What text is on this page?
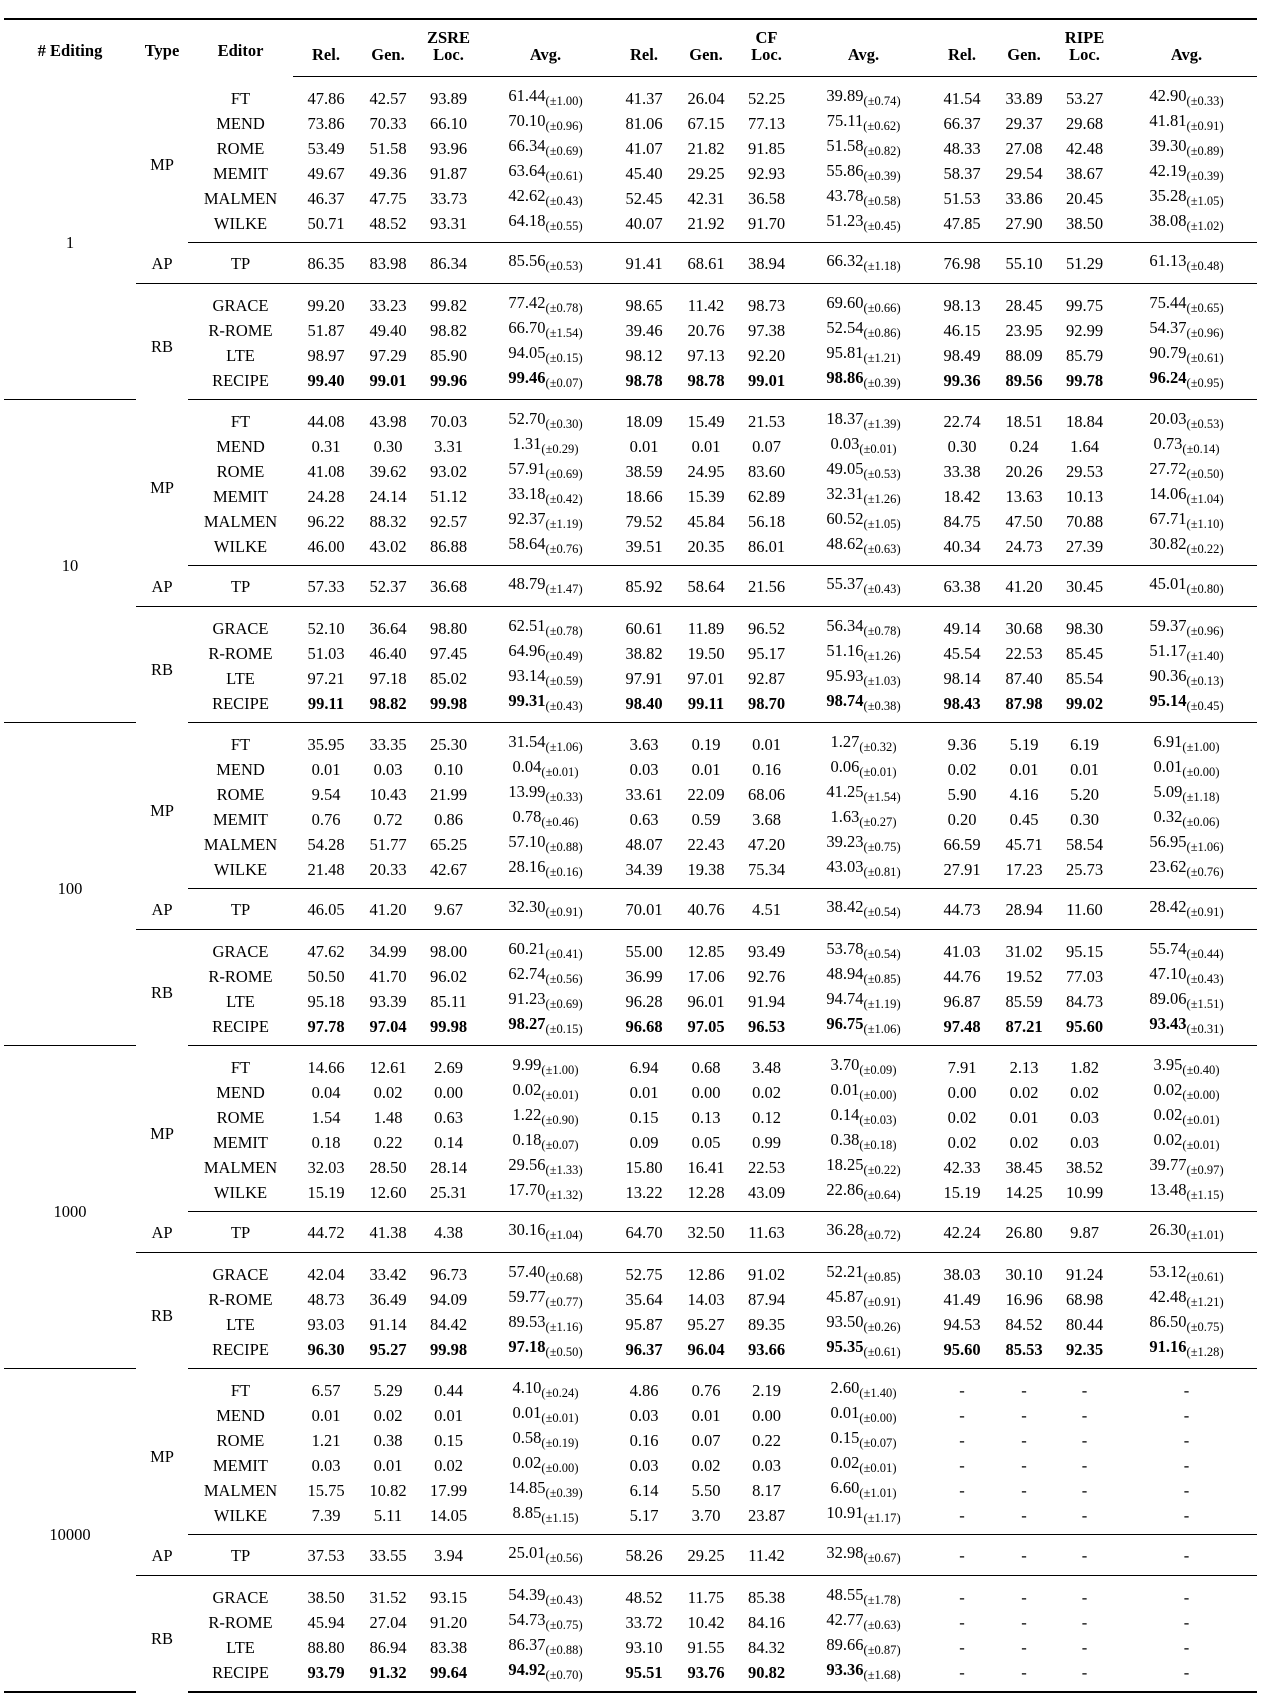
# Editing	Type	Editor			ZSRE				CF				RIPE	
			Rel.	Gen.	Loc.	Avg.	Rel.	Gen.	Loc.	Avg.	Rel.	Gen.	Loc.	Avg.
1	MP	FT	47.86	42.57	93.89	$61.44_{(\pm 1.00)}$	41.37	26.04	52.25	$39.89_{(\pm 0.74)}$	41.54	33.89	53.27	$42.90_{(\pm 0.33)}$
		MEND	73.86	70.33	66.10	$70.10_{(\pm 0.96)}$	81.06	67.15	77.13	$75.11_{(\pm 0.62)}$	66.37	29.37	29.68	$41.81_{(\pm 0.91)}$
		ROME	53.49	51.58	93.96	$66.34_{(\pm 0.69)}$	41.07	21.82	91.85	$51.58_{(\pm 0.82)}$	48.33	27.08	42.48	$39.30_{(\pm 0.89)}$
		MEMIT	49.67	49.36	91.87	$63.64_{(\pm 0.61)}$	45.40	29.25	92.93	$55.86_{(\pm 0.39)}$	58.37	29.54	38.67	$42.19_{(\pm 0.39)}$
		MALMEN	46.37	47.75	33.73	$42.62_{(\pm 0.43)}$	52.45	42.31	36.58	$43.78_{(\pm 0.58)}$	51.53	33.86	20.45	$35.28_{(\pm 1.05)}$
		WILKE	50.71	48.52	93.31	$64.18_{(\pm 0.55)}$	40.07	21.92	91.70	$51.23_{(\pm 0.45)}$	47.85	27.90	38.50	$38.08_{(\pm 1.02)}$
	AP	TP	86.35	83.98	86.34	$85.56_{(\pm 0.53)}$	91.41	68.61	38.94	$66.32_{(\pm 1.18)}$	76.98	55.10	51.29	$61.13_{(\pm 0.48)}$
	RB	GRACE	99.20	33.23	99.82	$77.42_{(\pm 0.78)}$	98.65	11.42	98.73	$69.60_{(\pm 0.66)}$	98.13	28.45	99.75	$75.44_{(\pm 0.65)}$
		R-ROME	51.87	49.40	98.82	$66.70_{(\pm 1.54)}$	39.46	20.76	97.38	$52.54_{(\pm 0.86)}$	46.15	23.95	92.99	$54.37_{(\pm 0.96)}$
		LTE	98.97	97.29	85.90	$94.05_{(\pm 0.15)}$	98.12	97.13	92.20	$95.81_{(\pm 1.21)}$	98.49	88.09	85.79	$90.79_{(\pm 0.61)}$
		RECIPE	99.40	99.01	99.96	$99.46_{(\pm 0.07)}$	98.78	98.78	99.01	$98.86_{(\pm 0.39)}$	99.36	89.56	99.78	$96.24_{(\pm 0.95)}$
10	MP	FT	44.08	43.98	70.03	$52.70_{(\pm 0.30)}$	18.09	15.49	21.53	$18.37_{(\pm 1.39)}$	22.74	18.51	18.84	$20.03_{(\pm 0.53)}$
		MEND	0.31	0.30	3.31	$1.31_{(\pm 0.29)}$	0.01	0.01	0.07	$0.03_{(\pm 0.01)}$	0.30	0.24	1.64	$0.73_{(\pm 0.14)}$
		ROME	41.08	39.62	93.02	$57.91_{(\pm 0.69)}$	38.59	24.95	83.60	$49.05_{(\pm 0.53)}$	33.38	20.26	29.53	$27.72_{(\pm 0.50)}$
		MEMIT	24.28	24.14	51.12	$33.18_{(\pm 0.42)}$	18.66	15.39	62.89	$32.31_{(\pm 1.26)}$	18.42	13.63	10.13	$14.06_{(\pm 1.04)}$
		MALMEN	96.22	88.32	92.57	$92.37_{(\pm 1.19)}$	79.52	45.84	56.18	$60.52_{(\pm 1.05)}$	84.75	47.50	70.88	$67.71_{(\pm 1.10)}$
		WILKE	46.00	43.02	86.88	$58.64_{(\pm 0.76)}$	39.51	20.35	86.01	$48.62_{(\pm 0.63)}$	40.34	24.73	27.39	$30.82_{(\pm 0.22)}$
	AP	TP	57.33	52.37	36.68	$48.79_{(\pm 1.47)}$	85.92	58.64	21.56	$55.37_{(\pm 0.43)}$	63.38	41.20	30.45	$45.01_{(\pm 0.80)}$
	RB	GRACE	52.10	36.64	98.80	$62.51_{(\pm 0.78)}$	60.61	11.89	96.52	$56.34_{(\pm 0.78)}$	49.14	30.68	98.30	$59.37_{(\pm 0.96)}$
		R-ROME	51.03	46.40	97.45	$64.96_{(\pm 0.49)}$	38.82	19.50	95.17	$51.16_{(\pm 1.26)}$	45.54	22.53	85.45	$51.17_{(\pm 1.40)}$
		LTE	97.21	97.18	85.02	$93.14_{(\pm 0.59)}$	97.91	97.01	92.87	$95.93_{(\pm 1.03)}$	98.14	87.40	85.54	$90.36_{(\pm 0.13)}$
		RECIPE	99.11	98.82	99.98	$99.31_{(\pm 0.43)}$	98.40	99.11	98.70	$98.74_{(\pm 0.38)}$	98.43	87.98	99.02	$95.14_{(\pm 0.45)}$
100	MP	FT	35.95	33.35	25.30	$31.54_{(\pm 1.06)}$	3.63	0.19	0.01	$1.27_{(\pm 0.32)}$	9.36	5.19	6.19	$6.91_{(\pm 1.00)}$
		MEND	0.01	0.03	0.10	$0.04_{(\pm 0.01)}$	0.03	0.01	0.16	$0.06_{(\pm 0.01)}$	0.02	0.01	0.01	$0.01_{(\pm 0.00)}$
		ROME	9.54	10.43	21.99	$13.99_{(\pm 0.33)}$	33.61	22.09	68.06	$41.25_{(\pm 1.54)}$	5.90	4.16	5.20	$5.09_{(\pm 1.18)}$
		MEMIT	0.76	0.72	0.86	$0.78_{(\pm 0.46)}$	0.63	0.59	3.68	$1.63_{(\pm 0.27)}$	0.20	0.45	0.30	$0.32_{(\pm 0.06)}$
		MALMEN	54.28	51.77	65.25	$57.10_{(\pm 0.88)}$	48.07	22.43	47.20	$39.23_{(\pm 0.75)}$	66.59	45.71	58.54	$56.95_{(\pm 1.06)}$
		WILKE	21.48	20.33	42.67	$28.16_{(\pm 0.16)}$	34.39	19.38	75.34	$43.03_{(\pm 0.81)}$	27.91	17.23	25.73	$23.62_{(\pm 0.76)}$
	AP	TP	46.05	41.20	9.67	$32.30_{(\pm 0.91)}$	70.01	40.76	4.51	$38.42_{(\pm 0.54)}$	44.73	28.94	11.60	$28.42_{(\pm 0.91)}$
	RB	GRACE	47.62	34.99	98.00	$60.21_{(\pm 0.41)}$	55.00	12.85	93.49	$53.78_{(\pm 0.54)}$	41.03	31.02	95.15	$55.74_{(\pm 0.44)}$
		R-ROME	50.50	41.70	96.02	$62.74_{(\pm 0.56)}$	36.99	17.06	92.76	$48.94_{(\pm 0.85)}$	44.76	19.52	77.03	$47.10_{(\pm 0.43)}$
		LTE	95.18	93.39	85.11	$91.23_{(\pm 0.69)}$	96.28	96.01	91.94	$94.74_{(\pm 1.19)}$	96.87	85.59	84.73	$89.06_{(\pm 1.51)}$
		RECIPE	97.78	97.04	99.98	$98.27_{(\pm 0.15)}$	96.68	97.05	96.53	$96.75_{(\pm 1.06)}$	97.48	87.21	95.60	$93.43_{(\pm 0.31)}$
1000	MP	FT	14.66	12.61	2.69	$9.99_{(\pm 1.00)}$	6.94	0.68	3.48	$3.70_{(\pm 0.09)}$	7.91	2.13	1.82	$3.95_{(\pm 0.40)}$
		MEND	0.04	0.02	0.00	$0.02_{(\pm 0.01)}$	0.01	0.00	0.02	$0.01_{(\pm 0.00)}$	0.00	0.02	0.02	$0.02_{(\pm 0.00)}$
		ROME	1.54	1.48	0.63	$1.22_{(\pm 0.90)}$	0.15	0.13	0.12	$0.14_{(\pm 0.03)}$	0.02	0.01	0.03	$0.02_{(\pm 0.01)}$
		MEMIT	0.18	0.22	0.14	$0.18_{(\pm 0.07)}$	0.09	0.05	0.99	$0.38_{(\pm 0.18)}$	0.02	0.02	0.03	$0.02_{(\pm 0.01)}$
		MALMEN	32.03	28.50	28.14	$29.56_{(\pm 1.33)}$	15.80	16.41	22.53	$18.25_{(\pm 0.22)}$	42.33	38.45	38.52	$39.77_{(\pm 0.97)}$
		WILKE	15.19	12.60	25.31	$17.70_{(\pm 1.32)}$	13.22	12.28	43.09	$22.86_{(\pm 0.64)}$	15.19	14.25	10.99	$13.48_{(\pm 1.15)}$
	AP	TP	44.72	41.38	4.38	$30.16_{(\pm 1.04)}$	64.70	32.50	11.63	$36.28_{(\pm 0.72)}$	42.24	26.80	9.87	$26.30_{(\pm 1.01)}$
	RB	GRACE	42.04	33.42	96.73	$57.40_{(\pm 0.68)}$	52.75	12.86	91.02	$52.21_{(\pm 0.85)}$	38.03	30.10	91.24	$53.12_{(\pm 0.61)}$
		R-ROME	48.73	36.49	94.09	$59.77_{(\pm 0.77)}$	35.64	14.03	87.94	$45.87_{(\pm 0.91)}$	41.49	16.96	68.98	$42.48_{(\pm 1.21)}$
		LTE	93.03	91.14	84.42	$89.53_{(\pm 1.16)}$	95.87	95.27	89.35	$93.50_{(\pm 0.26)}$	94.53	84.52	80.44	$86.50_{(\pm 0.75)}$
		RECIPE	96.30	95.27	99.98	$97.18_{(\pm 0.50)}$	96.37	96.04	93.66	$95.35_{(\pm 0.61)}$	95.60	85.53	92.35	$91.16_{(\pm 1.28)}$
10000	MP	FT	6.57	5.29	0.44	$4.10_{(\pm 0.24)}$	4.86	0.76	2.19	$2.60_{(\pm 1.40)}$	-	-	-	-
		MEND	0.01	0.02	0.01	$0.01_{(\pm 0.01)}$	0.03	0.01	0.00	$0.01_{(\pm 0.00)}$	-	-	-	-
		ROME	1.21	0.38	0.15	$0.58_{(\pm 0.19)}$	0.16	0.07	0.22	$0.15_{(\pm 0.07)}$	-	-	-	-
		MEMIT	0.03	0.01	0.02	$0.02_{(\pm 0.00)}$	0.03	0.02	0.03	$0.02_{(\pm 0.01)}$	-	-	-	-
		MALMEN	15.75	10.82	17.99	$14.85_{(\pm 0.39)}$	6.14	5.50	8.17	$6.60_{(\pm 1.01)}$	-	-	-	-
		WILKE	7.39	5.11	14.05	$8.85_{(\pm 1.15)}$	5.17	3.70	23.87	$10.91_{(\pm 1.17)}$	-	-	-	-
	AP	TP	37.53	33.55	3.94	$25.01_{(\pm 0.56)}$	58.26	29.25	11.42	$32.98_{(\pm 0.67)}$	-	-	-	-
	RB	GRACE	38.50	31.52	93.15	$54.39_{(\pm 0.43)}$	48.52	11.75	85.38	$48.55_{(\pm 1.78)}$	-	-	-	-
		R-ROME	45.94	27.04	91.20	$54.73_{(\pm 0.75)}$	33.72	10.42	84.16	$42.77_{(\pm 0.63)}$	-	-	-	-
		LTE	88.80	86.94	83.38	$86.37_{(\pm 0.88)}$	93.10	91.55	84.32	$89.66_{(\pm 0.87)}$	-	-	-	-
		RECIPE	93.79	91.32	99.64	$94.92_{(\pm 0.70)}$	95.51	93.76	90.82	$93.36_{(\pm 1.68)}$	-	-	-	-
